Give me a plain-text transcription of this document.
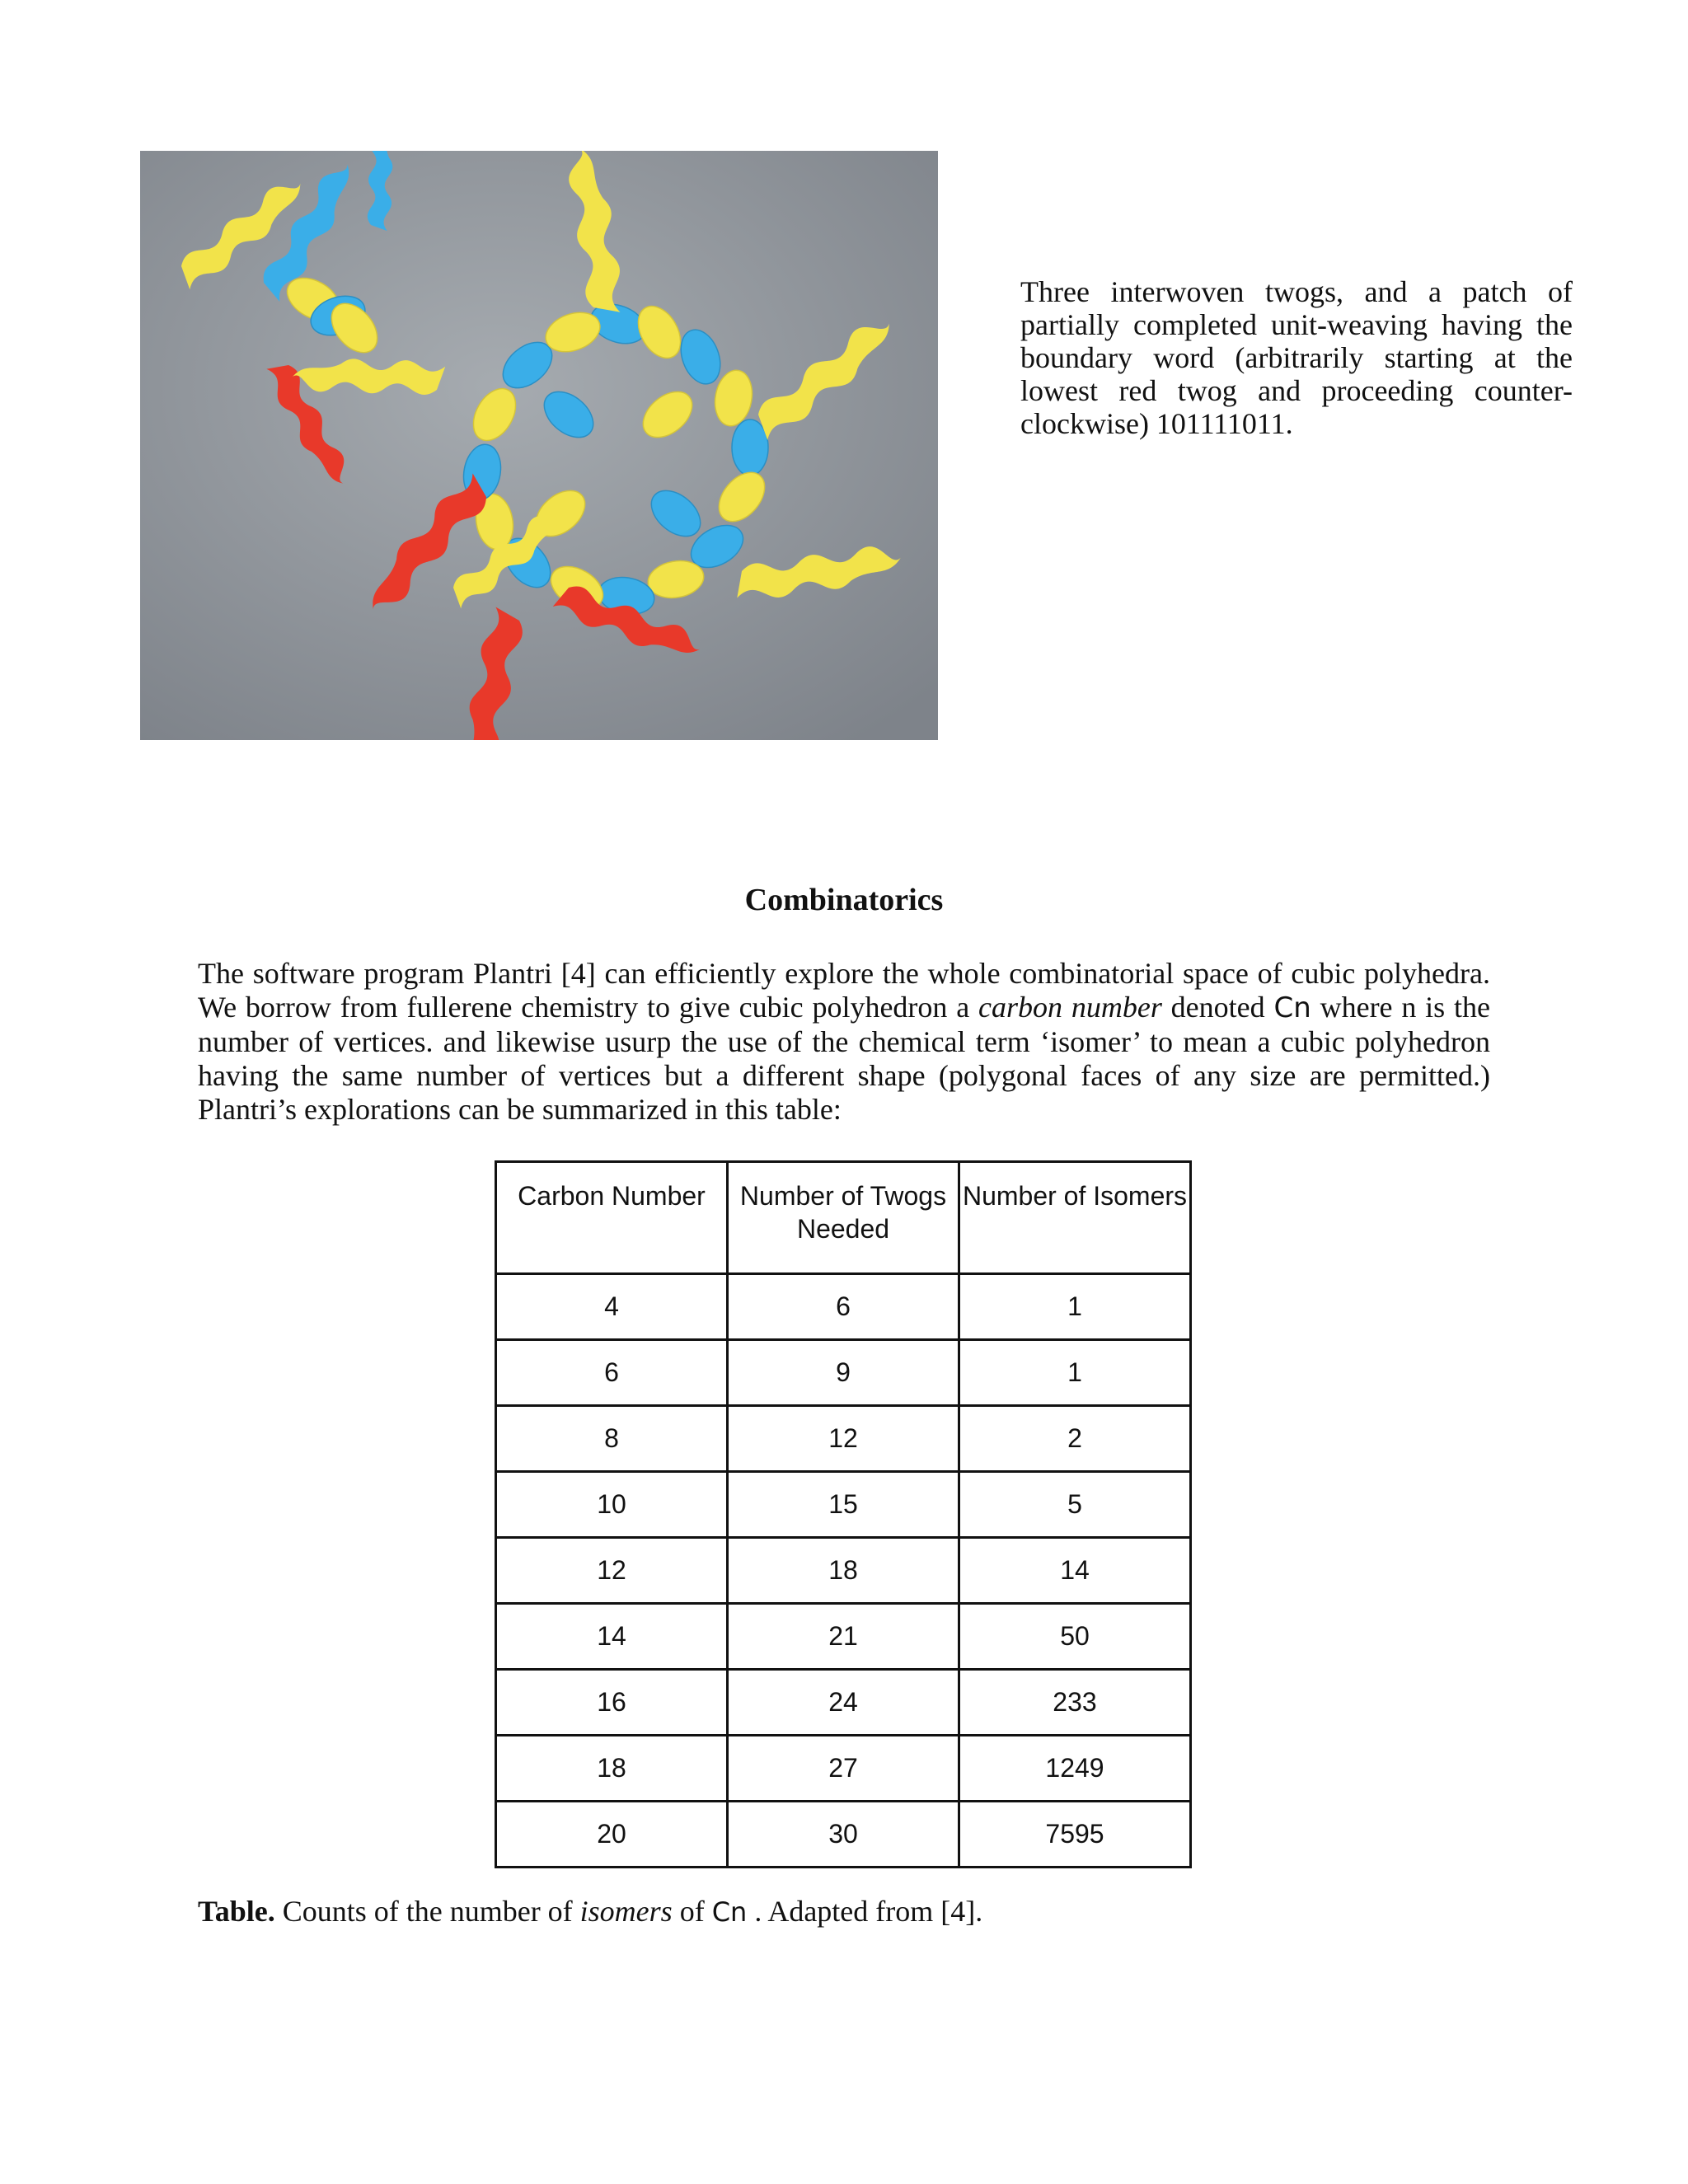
Three interwoven twogs, and a patch of partially completed unit-weaving having the boundary word (arbitrarily starting at the lowest red twog and proceeding counter-clockwise) 101111011.

Combinatorics

The software program Plantri [4] can efficiently explore the whole combinatorial space of cubic polyhedra. We borrow from fullerene chemistry to give cubic polyhedron a carbon number denoted Cn where n is the number of vertices. and likewise usurp the use of the chemical term ‘isomer’ to mean a cubic polyhedron having the same number of vertices but a different shape (polygonal faces of any size are permitted.) Plantri’s explorations can be summarized in this table:

Carbon Number	Number of Twogs Needed	Number of Isomers
4	6	1
6	9	1
8	12	2
10	15	5
12	18	14
14	21	50
16	24	233
18	27	1249
20	30	7595

Table. Counts of the number of isomers of Cn . Adapted from [4].
